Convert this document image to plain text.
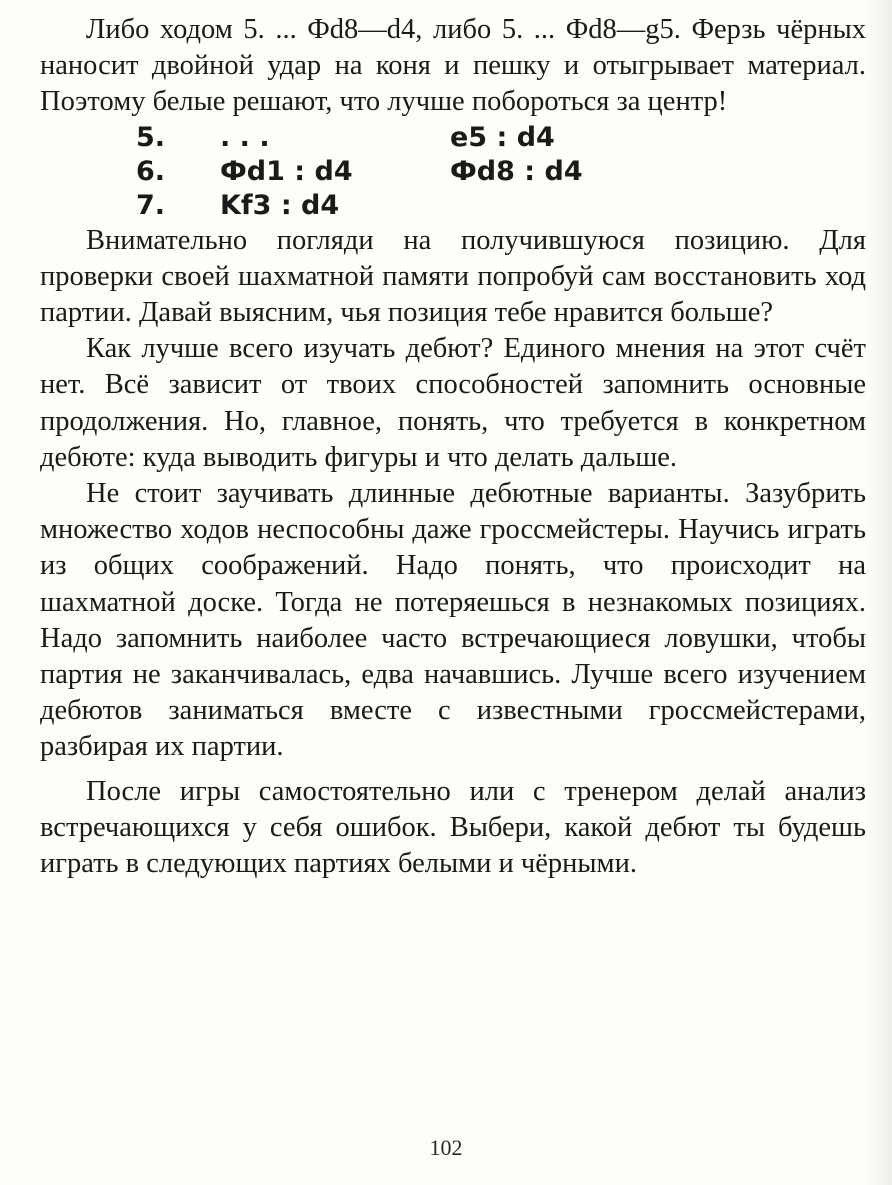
Либо ходом 5. ... Фd8—d4, либо 5. ... Фd8—g5. Ферзь чёрных наносит двойной удар на коня и пешку и отыгрывает материал. Поэтому белые решают, что лучше побороться за центр!

5. . . .	e5 : d4
6. Фd1 : d4	Фd8 : d4
7. Kf3 : d4

Внимательно погляди на получившуюся позицию. Для проверки своей шахматной памяти попробуй сам восстановить ход партии. Давай выясним, чья позиция тебе нравится больше?

Как лучше всего изучать дебют? Единого мнения на этот счёт нет. Всё зависит от твоих способностей запомнить основные продолжения. Но, главное, понять, что требуется в конкретном дебюте: куда выводить фигуры и что делать дальше.

Не стоит заучивать длинные дебютные варианты. Зазубрить множество ходов неспособны даже гроссмейстеры. Научись играть из общих соображений. Надо понять, что происходит на шахматной доске. Тогда не потеряешься в незнакомых позициях. Надо запомнить наиболее часто встречающиеся ловушки, чтобы партия не заканчивалась, едва начавшись. Лучше всего изучением дебютов заниматься вместе с известными гроссмейстерами, разбирая их партии.

После игры самостоятельно или с тренером делай анализ встречающихся у себя ошибок. Выбери, какой дебют ты будешь играть в следующих партиях белыми и чёрными.

102
